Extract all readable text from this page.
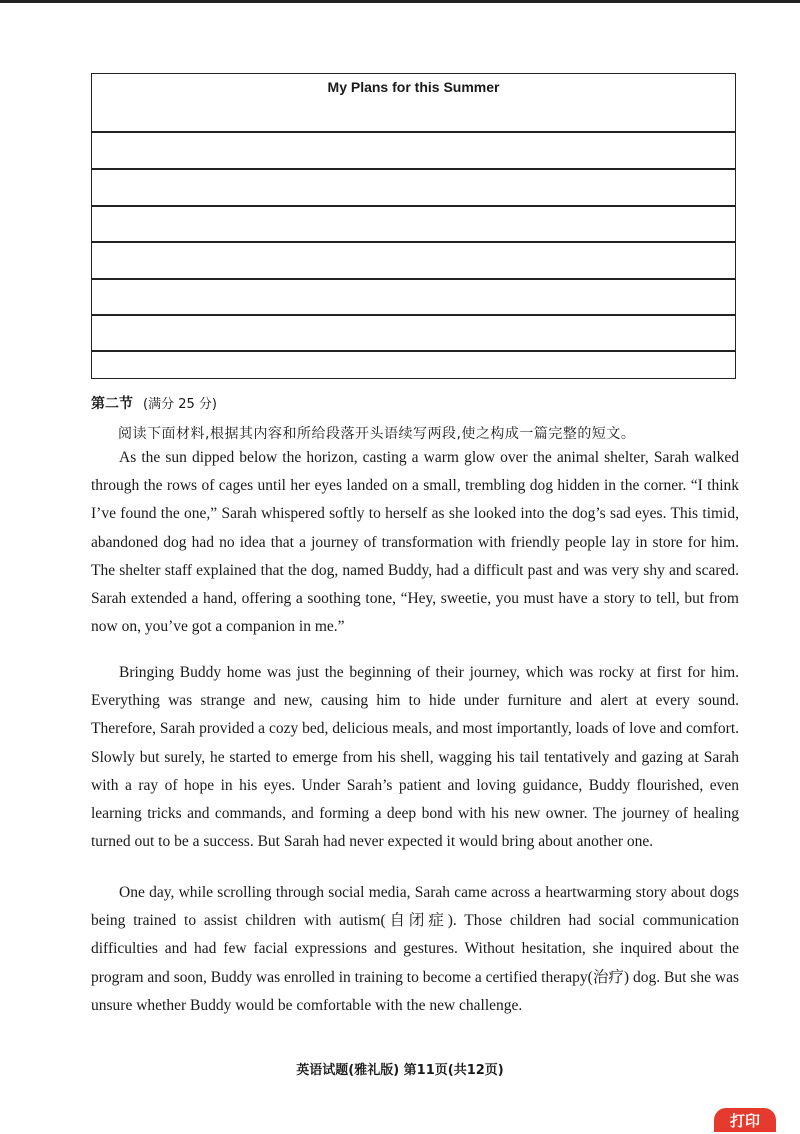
My Plans for this Summer
第二节 (满分 25 分)
阅读下面材料,根据其内容和所给段落开头语续写两段,使之构成一篇完整的短文。

As the sun dipped below the horizon, casting a warm glow over the animal shelter, Sarah walked through the rows of cages until her eyes landed on a small, trembling dog hidden in the corner. “I think I’ve found the one,” Sarah whispered softly to herself as she looked into the dog’s sad eyes. This timid, abandoned dog had no idea that a journey of transformation with friendly people lay in store for him. The shelter staff explained that the dog, named Buddy, had a difficult past and was very shy and scared. Sarah extended a hand, offering a soothing tone, “Hey, sweetie, you must have a story to tell, but from now on, you’ve got a companion in me.”

Bringing Buddy home was just the beginning of their journey, which was rocky at first for him. Everything was strange and new, causing him to hide under furniture and alert at every sound. Therefore, Sarah provided a cozy bed, delicious meals, and most importantly, loads of love and comfort. Slowly but surely, he started to emerge from his shell, wagging his tail tentatively and gazing at Sarah with a ray of hope in his eyes. Under Sarah’s patient and loving guidance, Buddy flourished, even learning tricks and commands, and forming a deep bond with his new owner. The journey of healing turned out to be a success. But Sarah had never expected it would bring about another one.

One day, while scrolling through social media, Sarah came across a heartwarming story about dogs being trained to assist children with autism(自闭症). Those children had social communication difficulties and had few facial expressions and gestures. Without hesitation, she inquired about the program and soon, Buddy was enrolled in training to become a certified therapy(治疗) dog. But she was unsure whether Buddy would be comfortable with the new challenge.

英语试题(雅礼版) 第11页(共12页)
打印
